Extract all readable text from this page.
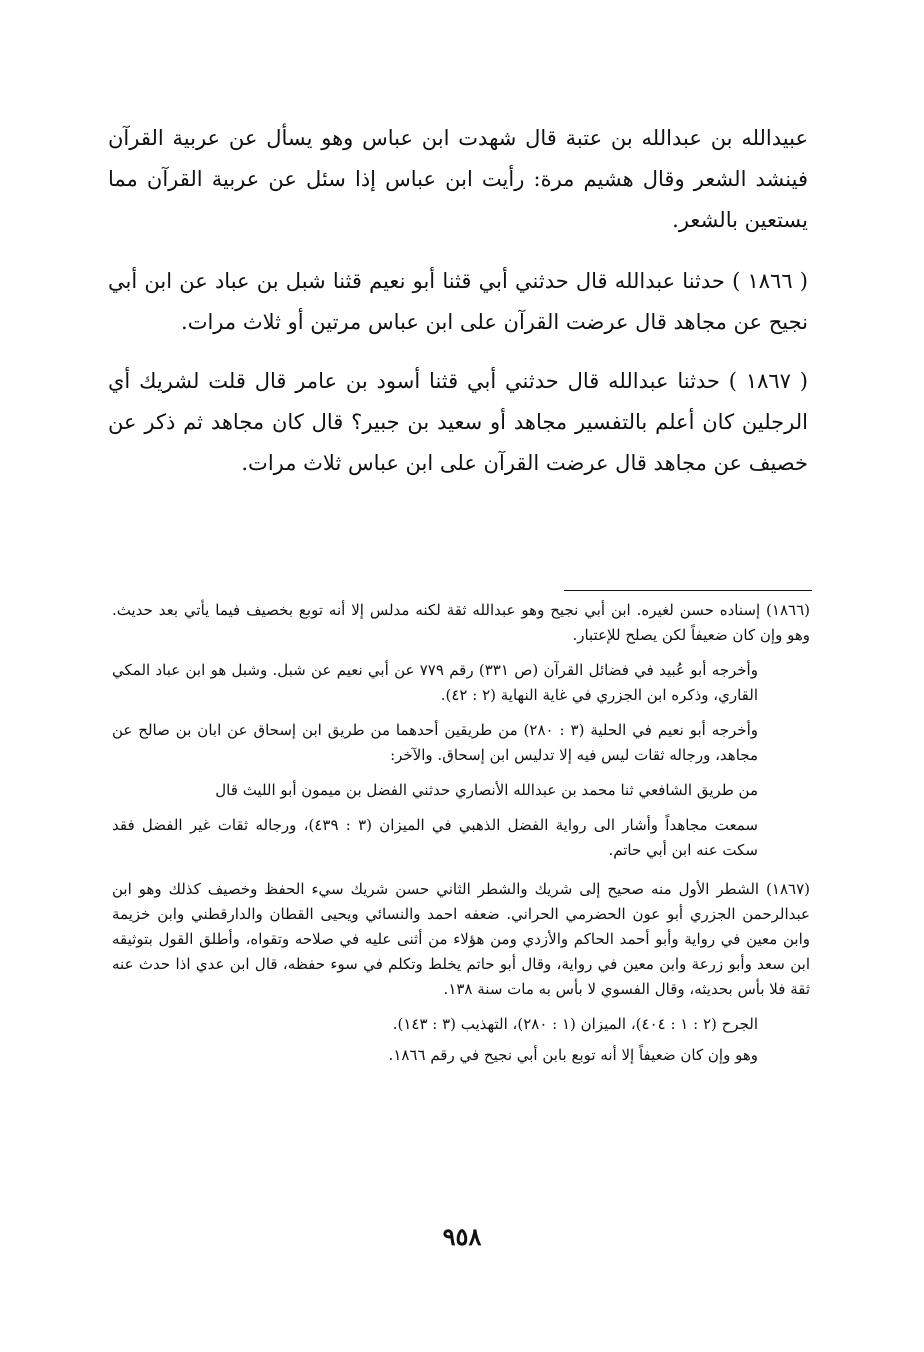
عبيدالله بن عبدالله بن عتبة قال شهدت ابن عباس وهو يسأل عن عربية القرآن فينشد الشعر وقال هشيم مرة: رأيت ابن عباس إذا سئل عن عربية القرآن مما يستعين بالشعر.

( ١٨٦٦ ) حدثنا عبدالله قال حدثني أبي قثنا أبو نعيم قثنا شبل بن عباد عن ابن أبي نجيح عن مجاهد قال عرضت القرآن على ابن عباس مرتين أو ثلاث مرات.

( ١٨٦٧ ) حدثنا عبدالله قال حدثني أبي قثنا أسود بن عامر قال قلت لشريك أي الرجلين كان أعلم بالتفسير مجاهد أو سعيد بن جبير؟ قال كان مجاهد ثم ذكر عن خصيف عن مجاهد قال عرضت القرآن على ابن عباس ثلاث مرات.

(١٨٦٦) إسناده حسن لغيره. ابن أبي نجيح وهو عبدالله ثقة لكنه مدلس إلا أنه توبع بخصيف فيما يأتي بعد حديث. وهو وإن كان ضعيفاً لكن يصلح للإعتبار.

وأخرجه أبو عُبيد في فضائل القرآن (ص ٣٣١) رقم ٧٧٩ عن أبي نعيم عن شبل. وشبل هو ابن عباد المكي القاري، وذكره ابن الجزري في غاية النهاية (٢ : ٤٢).

وأخرجه أبو نعيم في الحلية (٣ : ٢٨٠) من طريقين أحدهما من طريق ابن إسحاق عن ابان بن صالح عن مجاهد، ورجاله ثقات ليس فيه إلا تدليس ابن إسحاق. والآخر:

من طريق الشافعي ثنا محمد بن عبدالله الأنصاري حدثني الفضل بن ميمون أبو الليث قال

سمعت مجاهداً وأشار الى رواية الفضل الذهبي في الميزان (٣ : ٤٣٩)، ورجاله ثقات غير الفضل فقد سكت عنه ابن أبي حاتم.

(١٨٦٧) الشطر الأول منه صحيح إلى شريك والشطر الثاني حسن شريك سيء الحفظ وخصيف كذلك وهو ابن عبدالرحمن الجزري أبو عون الحضرمي الحراني. ضعفه احمد والنسائي ويحيى القطان والدارقطني وابن خزيمة وابن معين في رواية وأبو أحمد الحاكم والأزدي ومن هؤلاء من أثنى عليه في صلاحه وتقواه، وأطلق القول بتوثيقه ابن سعد وأبو زرعة وابن معين في رواية، وقال أبو حاتم يخلط وتكلم في سوء حفظه، قال ابن عدي اذا حدث عنه ثقة فلا بأس بحديثه، وقال الفسوي لا بأس به مات سنة ١٣٨.

الجرح (٢ : ١ : ٤٠٤)، الميزان (١ : ٢٨٠)، التهذيب (٣ : ١٤٣).

وهو وإن كان ضعيفاً إلا أنه توبع بابن أبي نجيح في رقم ١٨٦٦.

٩٥٨
